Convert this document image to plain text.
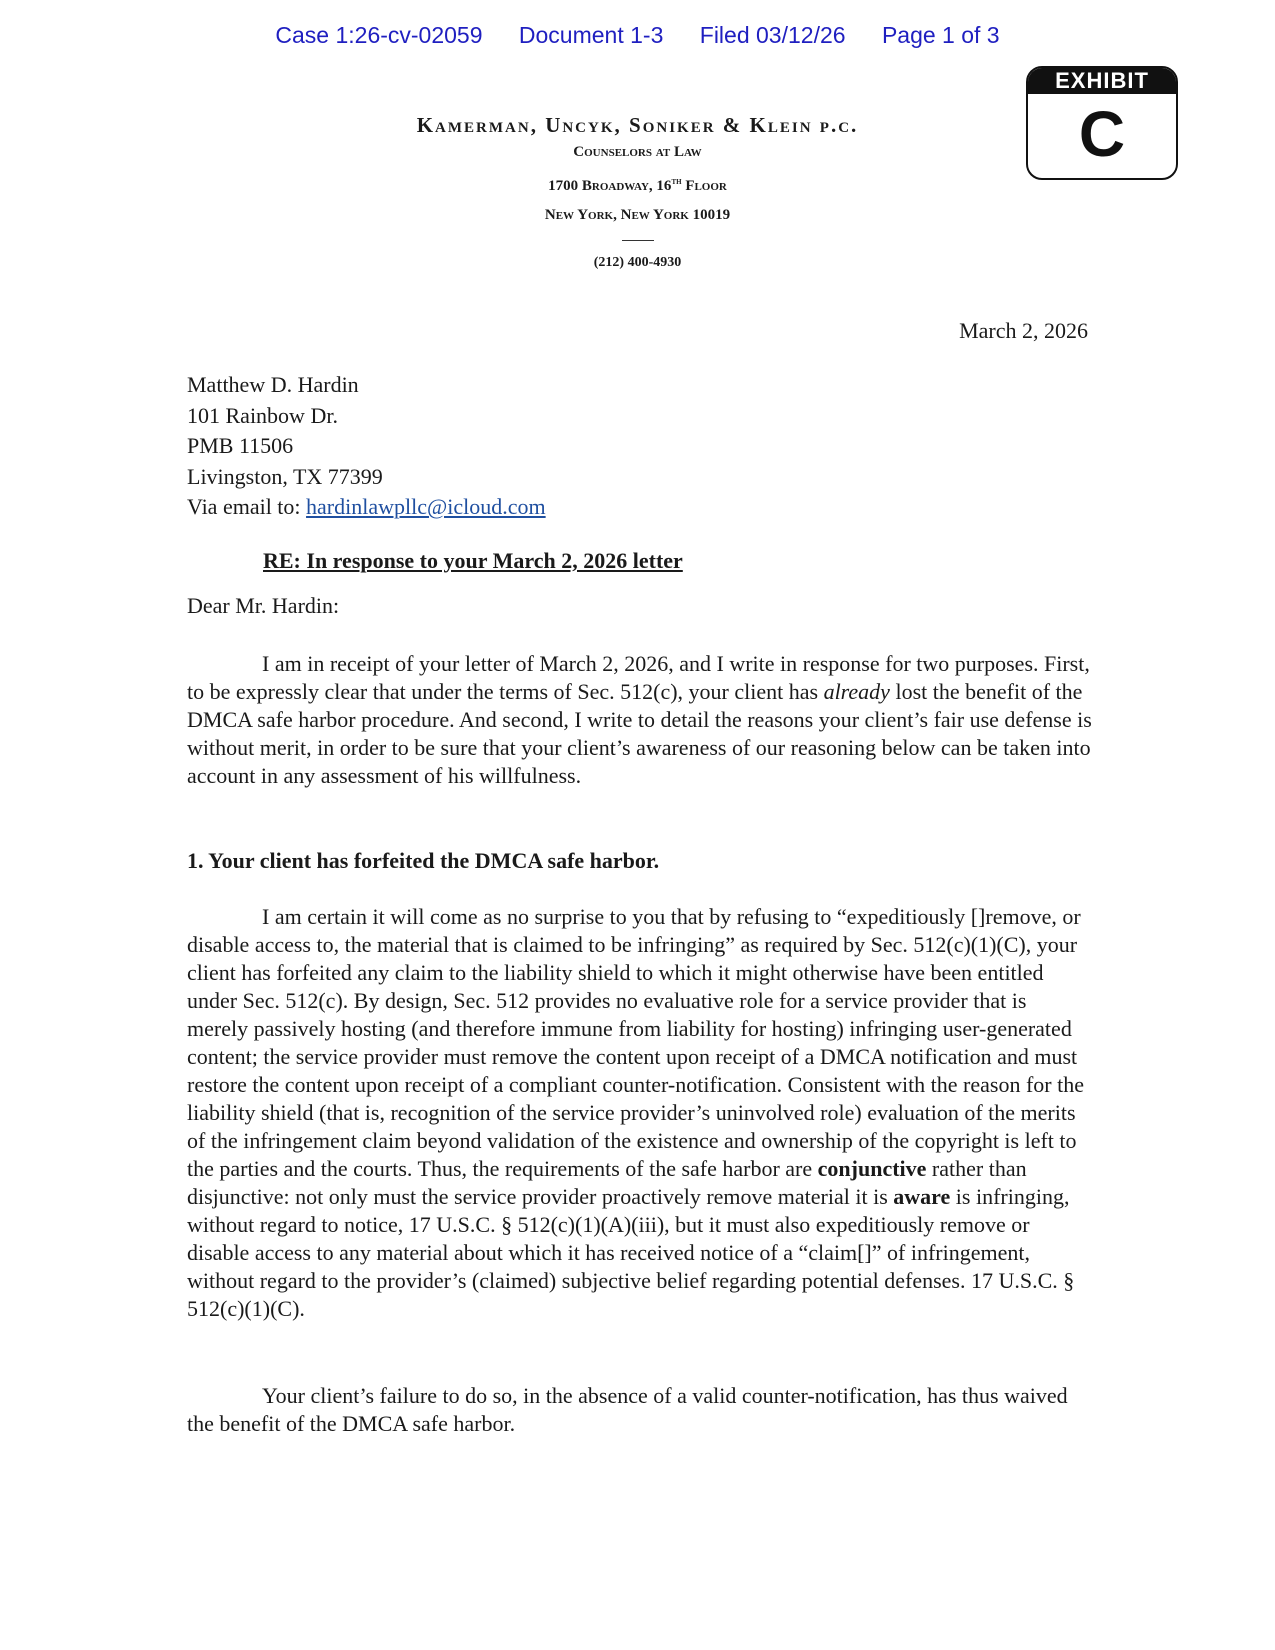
Case 1:26-cv-02059 Document 1-3 Filed 03/12/26 Page 1 of 3
EXHIBIT
C
Kamerman, Uncyk, Soniker & Klein p.c.
Counselors at Law
1700 Broadway, 16th Floor
New York, New York 10019
(212) 400-4930
March 2, 2026
Matthew D. Hardin
101 Rainbow Dr.
PMB 11506
Livingston, TX 77399
Via email to: hardinlawpllc@icloud.com
RE: In response to your March 2, 2026 letter
Dear Mr. Hardin:

I am in receipt of your letter of March 2, 2026, and I write in response for two purposes. First, to be expressly clear that under the terms of Sec. 512(c), your client has already lost the benefit of the DMCA safe harbor procedure. And second, I write to detail the reasons your client’s fair use defense is without merit, in order to be sure that your client’s awareness of our reasoning below can be taken into account in any assessment of his willfulness.

1. Your client has forfeited the DMCA safe harbor.

I am certain it will come as no surprise to you that by refusing to “expeditiously []remove, or disable access to, the material that is claimed to be infringing” as required by Sec. 512(c)(1)(C), your client has forfeited any claim to the liability shield to which it might otherwise have been entitled under Sec. 512(c). By design, Sec. 512 provides no evaluative role for a service provider that is merely passively hosting (and therefore immune from liability for hosting) infringing user-generated content; the service provider must remove the content upon receipt of a DMCA notification and must restore the content upon receipt of a compliant counter-notification. Consistent with the reason for the liability shield (that is, recognition of the service provider’s uninvolved role) evaluation of the merits of the infringement claim beyond validation of the existence and ownership of the copyright is left to the parties and the courts. Thus, the requirements of the safe harbor are conjunctive rather than disjunctive: not only must the service provider proactively remove material it is aware is infringing, without regard to notice, 17 U.S.C. § 512(c)(1)(A)(iii), but it must also expeditiously remove or disable access to any material about which it has received notice of a “claim[]” of infringement, without regard to the provider’s (claimed) subjective belief regarding potential defenses. 17 U.S.C. § 512(c)(1)(C).

Your client’s failure to do so, in the absence of a valid counter-notification, has thus waived the benefit of the DMCA safe harbor.
